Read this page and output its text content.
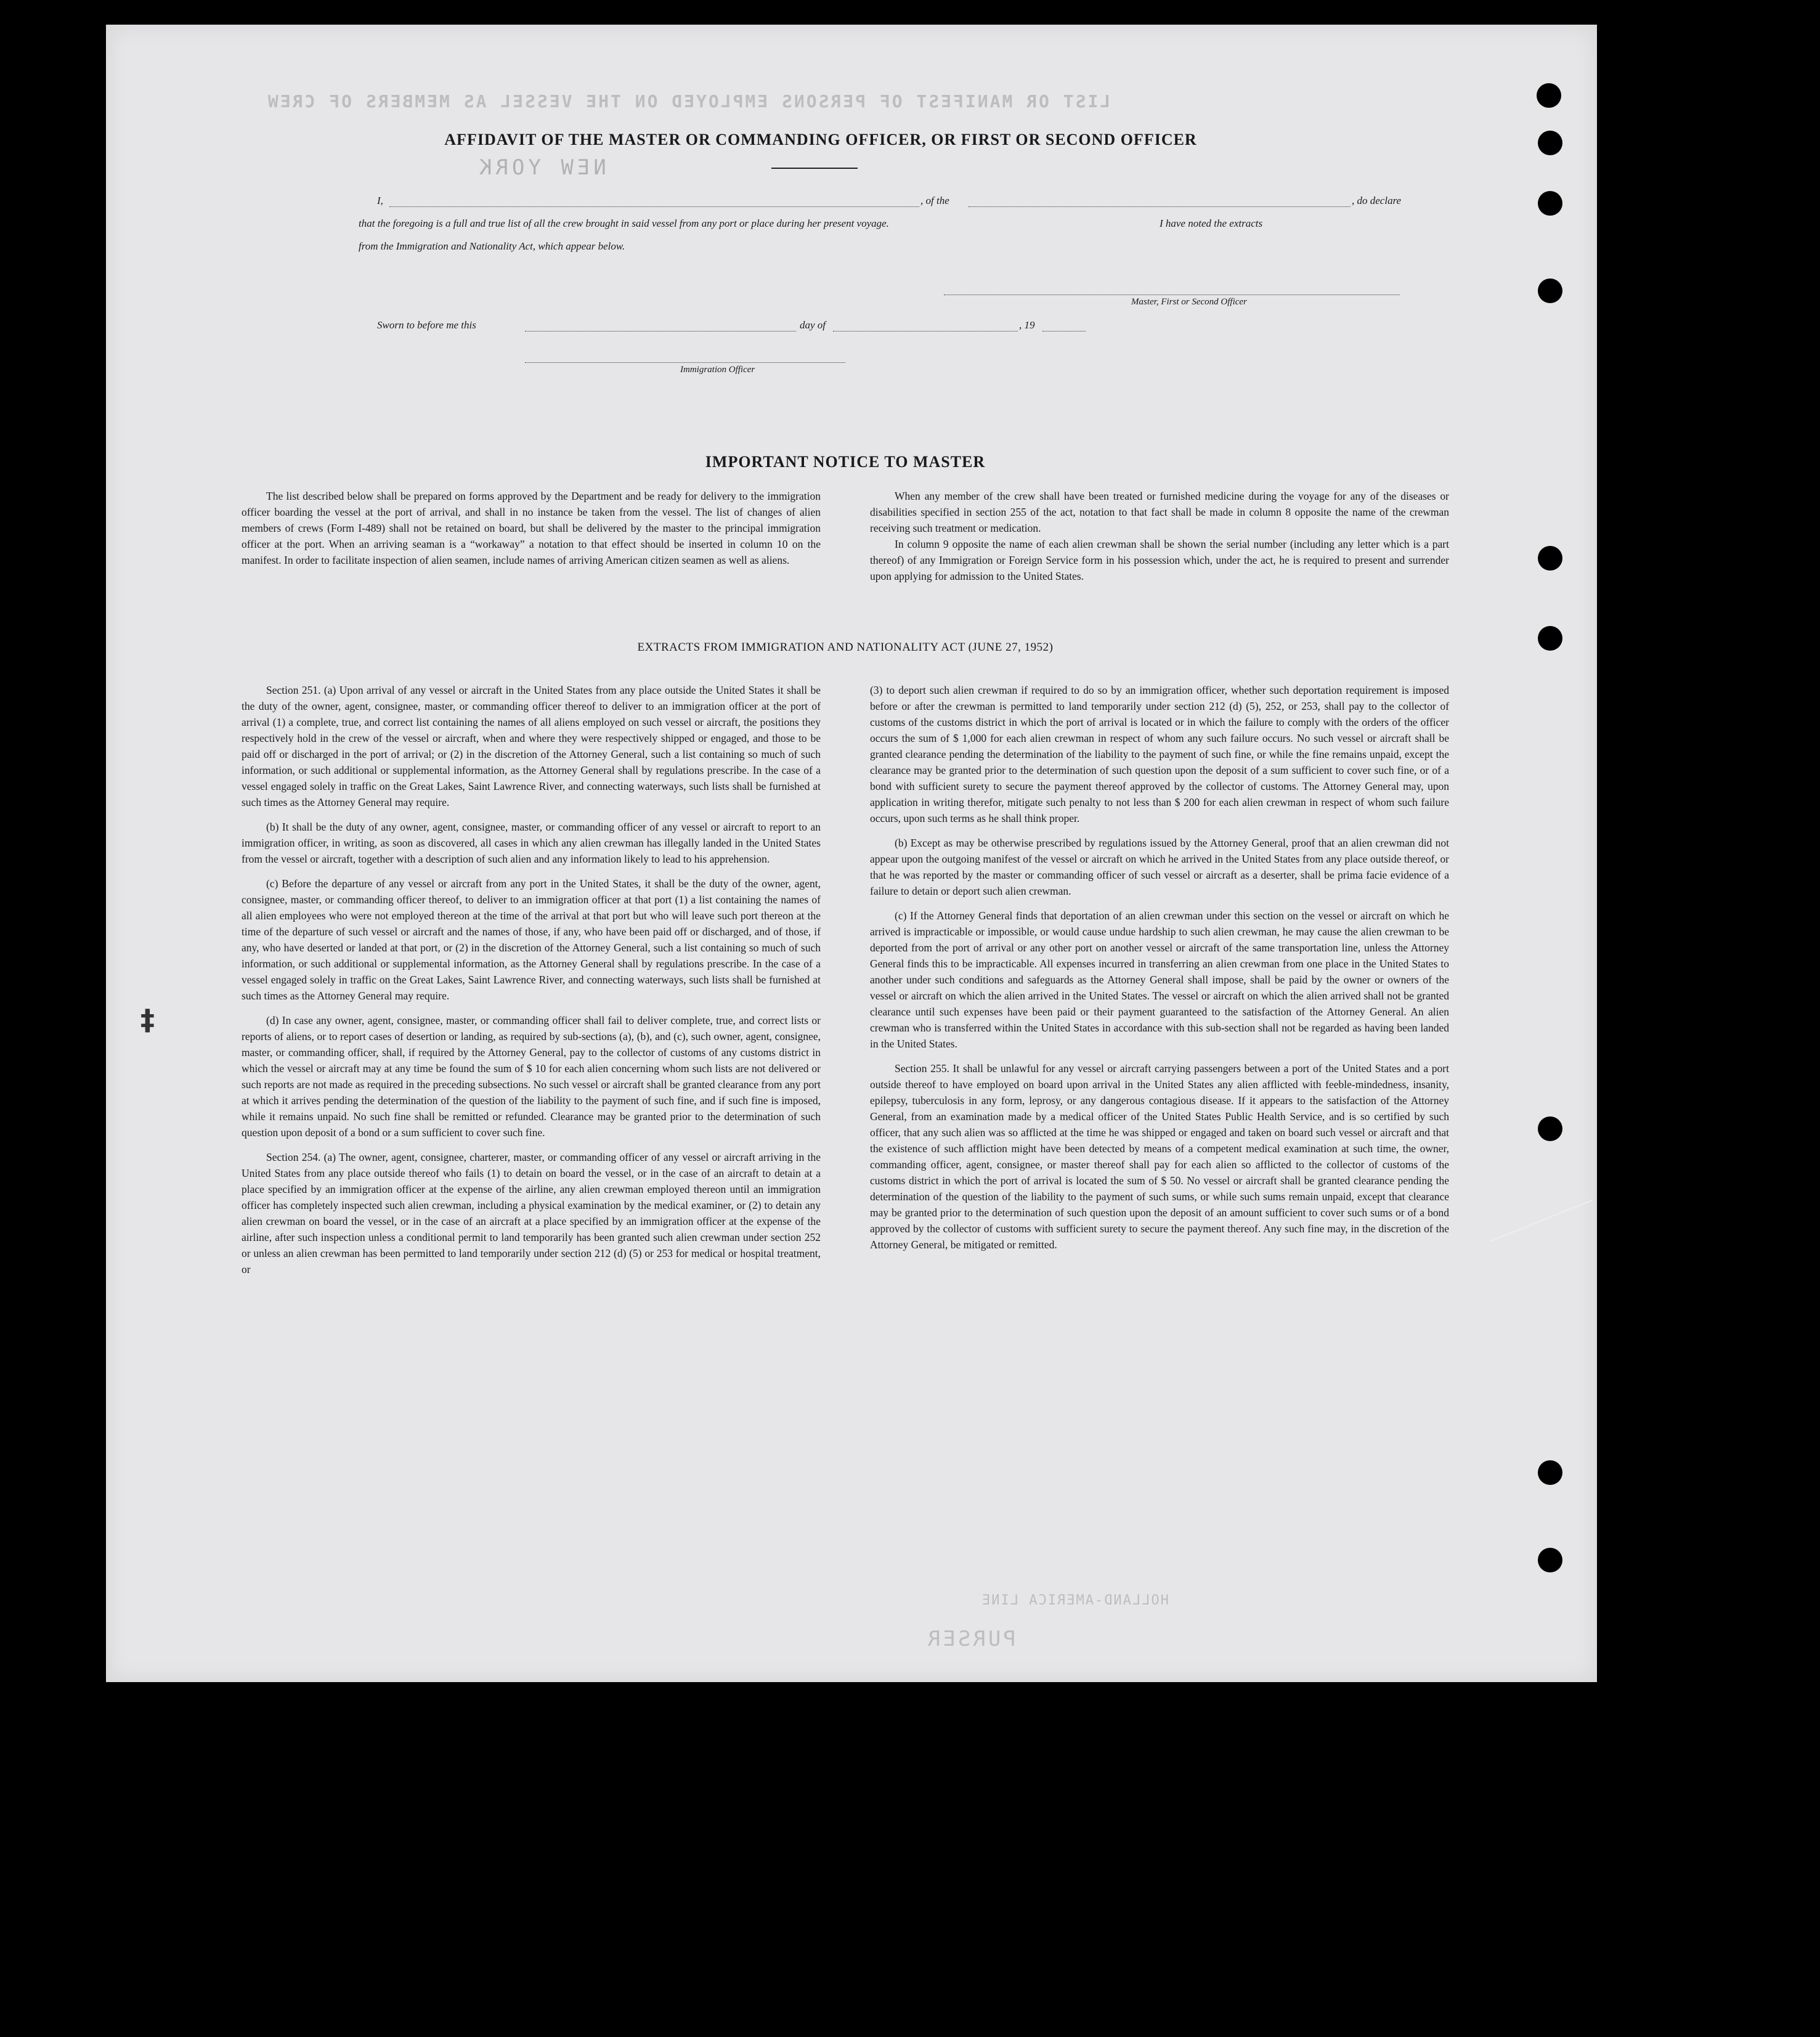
LIST OR MANIFEST OF PERSONS EMPLOYED ON THE VESSEL AS MEMBERS OF CREW
NEW YORK
HOLLAND-AMERICA LINE
PURSER
AFFIDAVIT OF THE MASTER OR COMMANDING OFFICER, OR FIRST OR SECOND OFFICER
I,	, of the	, do declare
that the foregoing is a full and true list of all the crew brought in said vessel from any port or place during her present voyage.	I have noted the extracts
from the Immigration and Nationality Act, which appear below.
Master, First or Second Officer
Sworn to before me this	day of	, 19
Immigration Officer
IMPORTANT NOTICE TO MASTER

The list described below shall be prepared on forms approved by the Department and be ready for delivery to the immigration officer boarding the vessel at the port of arrival, and shall in no instance be taken from the vessel. The list of changes of alien members of crews (Form I-489) shall not be retained on board, but shall be delivered by the master to the principal immigration officer at the port. When an arriving seaman is a “workaway” a notation to that effect should be inserted in column 10 on the manifest. In order to facilitate inspection of alien seamen, include names of arriving American citizen seamen as well as aliens.

When any member of the crew shall have been treated or furnished medicine during the voyage for any of the diseases or disabilities specified in section 255 of the act, notation to that fact shall be made in column 8 opposite the name of the crewman receiving such treatment or medication.

In column 9 opposite the name of each alien crewman shall be shown the serial number (including any letter which is a part thereof) of any Immigration or Foreign Service form in his possession which, under the act, he is required to present and surrender upon applying for admission to the United States.

EXTRACTS FROM IMMIGRATION AND NATIONALITY ACT (JUNE 27, 1952)

Section 251. (a) Upon arrival of any vessel or aircraft in the United States from any place outside the United States it shall be the duty of the owner, agent, consignee, master, or commanding officer thereof to deliver to an immigration officer at the port of arrival (1) a complete, true, and correct list containing the names of all aliens employed on such vessel or aircraft, the positions they respectively hold in the crew of the vessel or aircraft, when and where they were respectively shipped or engaged, and those to be paid off or discharged in the port of arrival; or (2) in the discretion of the Attorney General, such a list containing so much of such information, or such additional or supplemental information, as the Attorney General shall by regulations prescribe. In the case of a vessel engaged solely in traffic on the Great Lakes, Saint Lawrence River, and connecting waterways, such lists shall be furnished at such times as the Attorney General may require.

(b) It shall be the duty of any owner, agent, consignee, master, or commanding officer of any vessel or aircraft to report to an immigration officer, in writing, as soon as discovered, all cases in which any alien crewman has illegally landed in the United States from the vessel or aircraft, together with a description of such alien and any information likely to lead to his apprehension.

(c) Before the departure of any vessel or aircraft from any port in the United States, it shall be the duty of the owner, agent, consignee, master, or commanding officer thereof, to deliver to an immigration officer at that port (1) a list containing the names of all alien employees who were not employed thereon at the time of the arrival at that port but who will leave such port thereon at the time of the departure of such vessel or aircraft and the names of those, if any, who have been paid off or discharged, and of those, if any, who have deserted or landed at that port, or (2) in the discretion of the Attorney General, such a list containing so much of such information, or such additional or supplemental information, as the Attorney General shall by regulations prescribe. In the case of a vessel engaged solely in traffic on the Great Lakes, Saint Lawrence River, and connecting waterways, such lists shall be furnished at such times as the Attorney General may require.

(d) In case any owner, agent, consignee, master, or commanding officer shall fail to deliver complete, true, and correct lists or reports of aliens, or to report cases of desertion or landing, as required by sub-sections (a), (b), and (c), such owner, agent, consignee, master, or commanding officer, shall, if required by the Attorney General, pay to the collector of customs of any customs district in which the vessel or aircraft may at any time be found the sum of $ 10 for each alien concerning whom such lists are not delivered or such reports are not made as required in the preceding subsections. No such vessel or aircraft shall be granted clearance from any port at which it arrives pending the determination of the question of the liability to the payment of such fine, and if such fine is imposed, while it remains unpaid. No such fine shall be remitted or refunded. Clearance may be granted prior to the determination of such question upon deposit of a bond or a sum sufficient to cover such fine.

Section 254. (a) The owner, agent, consignee, charterer, master, or commanding officer of any vessel or aircraft arriving in the United States from any place outside thereof who fails (1) to detain on board the vessel, or in the case of an aircraft to detain at a place specified by an immigration officer at the expense of the airline, any alien crewman employed thereon until an immigration officer has completely inspected such alien crewman, including a physical examination by the medical examiner, or (2) to detain any alien crewman on board the vessel, or in the case of an aircraft at a place specified by an immigration officer at the expense of the airline, after such inspection unless a conditional permit to land temporarily has been granted such alien crewman under section 252 or unless an alien crewman has been permitted to land temporarily under section 212 (d) (5) or 253 for medical or hospital treatment, or

(3) to deport such alien crewman if required to do so by an immigration officer, whether such deportation requirement is imposed before or after the crewman is permitted to land temporarily under section 212 (d) (5), 252, or 253, shall pay to the collector of customs of the customs district in which the port of arrival is located or in which the failure to comply with the orders of the officer occurs the sum of $ 1,000 for each alien crewman in respect of whom any such failure occurs. No such vessel or aircraft shall be granted clearance pending the determination of the liability to the payment of such fine, or while the fine remains unpaid, except the clearance may be granted prior to the determination of such question upon the deposit of a sum sufficient to cover such fine, or of a bond with sufficient surety to secure the payment thereof approved by the collector of customs. The Attorney General may, upon application in writing therefor, mitigate such penalty to not less than $ 200 for each alien crewman in respect of whom such failure occurs, upon such terms as he shall think proper.

(b) Except as may be otherwise prescribed by regulations issued by the Attorney General, proof that an alien crewman did not appear upon the outgoing manifest of the vessel or aircraft on which he arrived in the United States from any place outside thereof, or that he was reported by the master or commanding officer of such vessel or aircraft as a deserter, shall be prima facie evidence of a failure to detain or deport such alien crewman.

(c) If the Attorney General finds that deportation of an alien crewman under this section on the vessel or aircraft on which he arrived is impracticable or impossible, or would cause undue hardship to such alien crewman, he may cause the alien crewman to be deported from the port of arrival or any other port on another vessel or aircraft of the same transportation line, unless the Attorney General finds this to be impracticable. All expenses incurred in transferring an alien crewman from one place in the United States to another under such conditions and safeguards as the Attorney General shall impose, shall be paid by the owner or owners of the vessel or aircraft on which the alien arrived in the United States. The vessel or aircraft on which the alien arrived shall not be granted clearance until such expenses have been paid or their payment guaranteed to the satisfaction of the Attorney General. An alien crewman who is transferred within the United States in accordance with this sub-section shall not be regarded as having been landed in the United States.

Section 255. It shall be unlawful for any vessel or aircraft carrying passengers between a port of the United States and a port outside thereof to have employed on board upon arrival in the United States any alien afflicted with feeble-mindedness, insanity, epilepsy, tuberculosis in any form, leprosy, or any dangerous contagious disease. If it appears to the satisfaction of the Attorney General, from an examination made by a medical officer of the United States Public Health Service, and is so certified by such officer, that any such alien was so afflicted at the time he was shipped or engaged and taken on board such vessel or aircraft and that the existence of such affliction might have been detected by means of a competent medical examination at such time, the owner, commanding officer, agent, consignee, or master thereof shall pay for each alien so afflicted to the collector of customs of the customs district in which the port of arrival is located the sum of $ 50. No vessel or aircraft shall be granted clearance pending the determination of the question of the liability to the payment of such sums, or while such sums remain unpaid, except that clearance may be granted prior to the determination of such question upon the deposit of an amount sufficient to cover such sums or of a bond approved by the collector of customs with sufficient surety to secure the payment thereof. Any such fine may, in the discretion of the Attorney General, be mitigated or remitted.

‡
